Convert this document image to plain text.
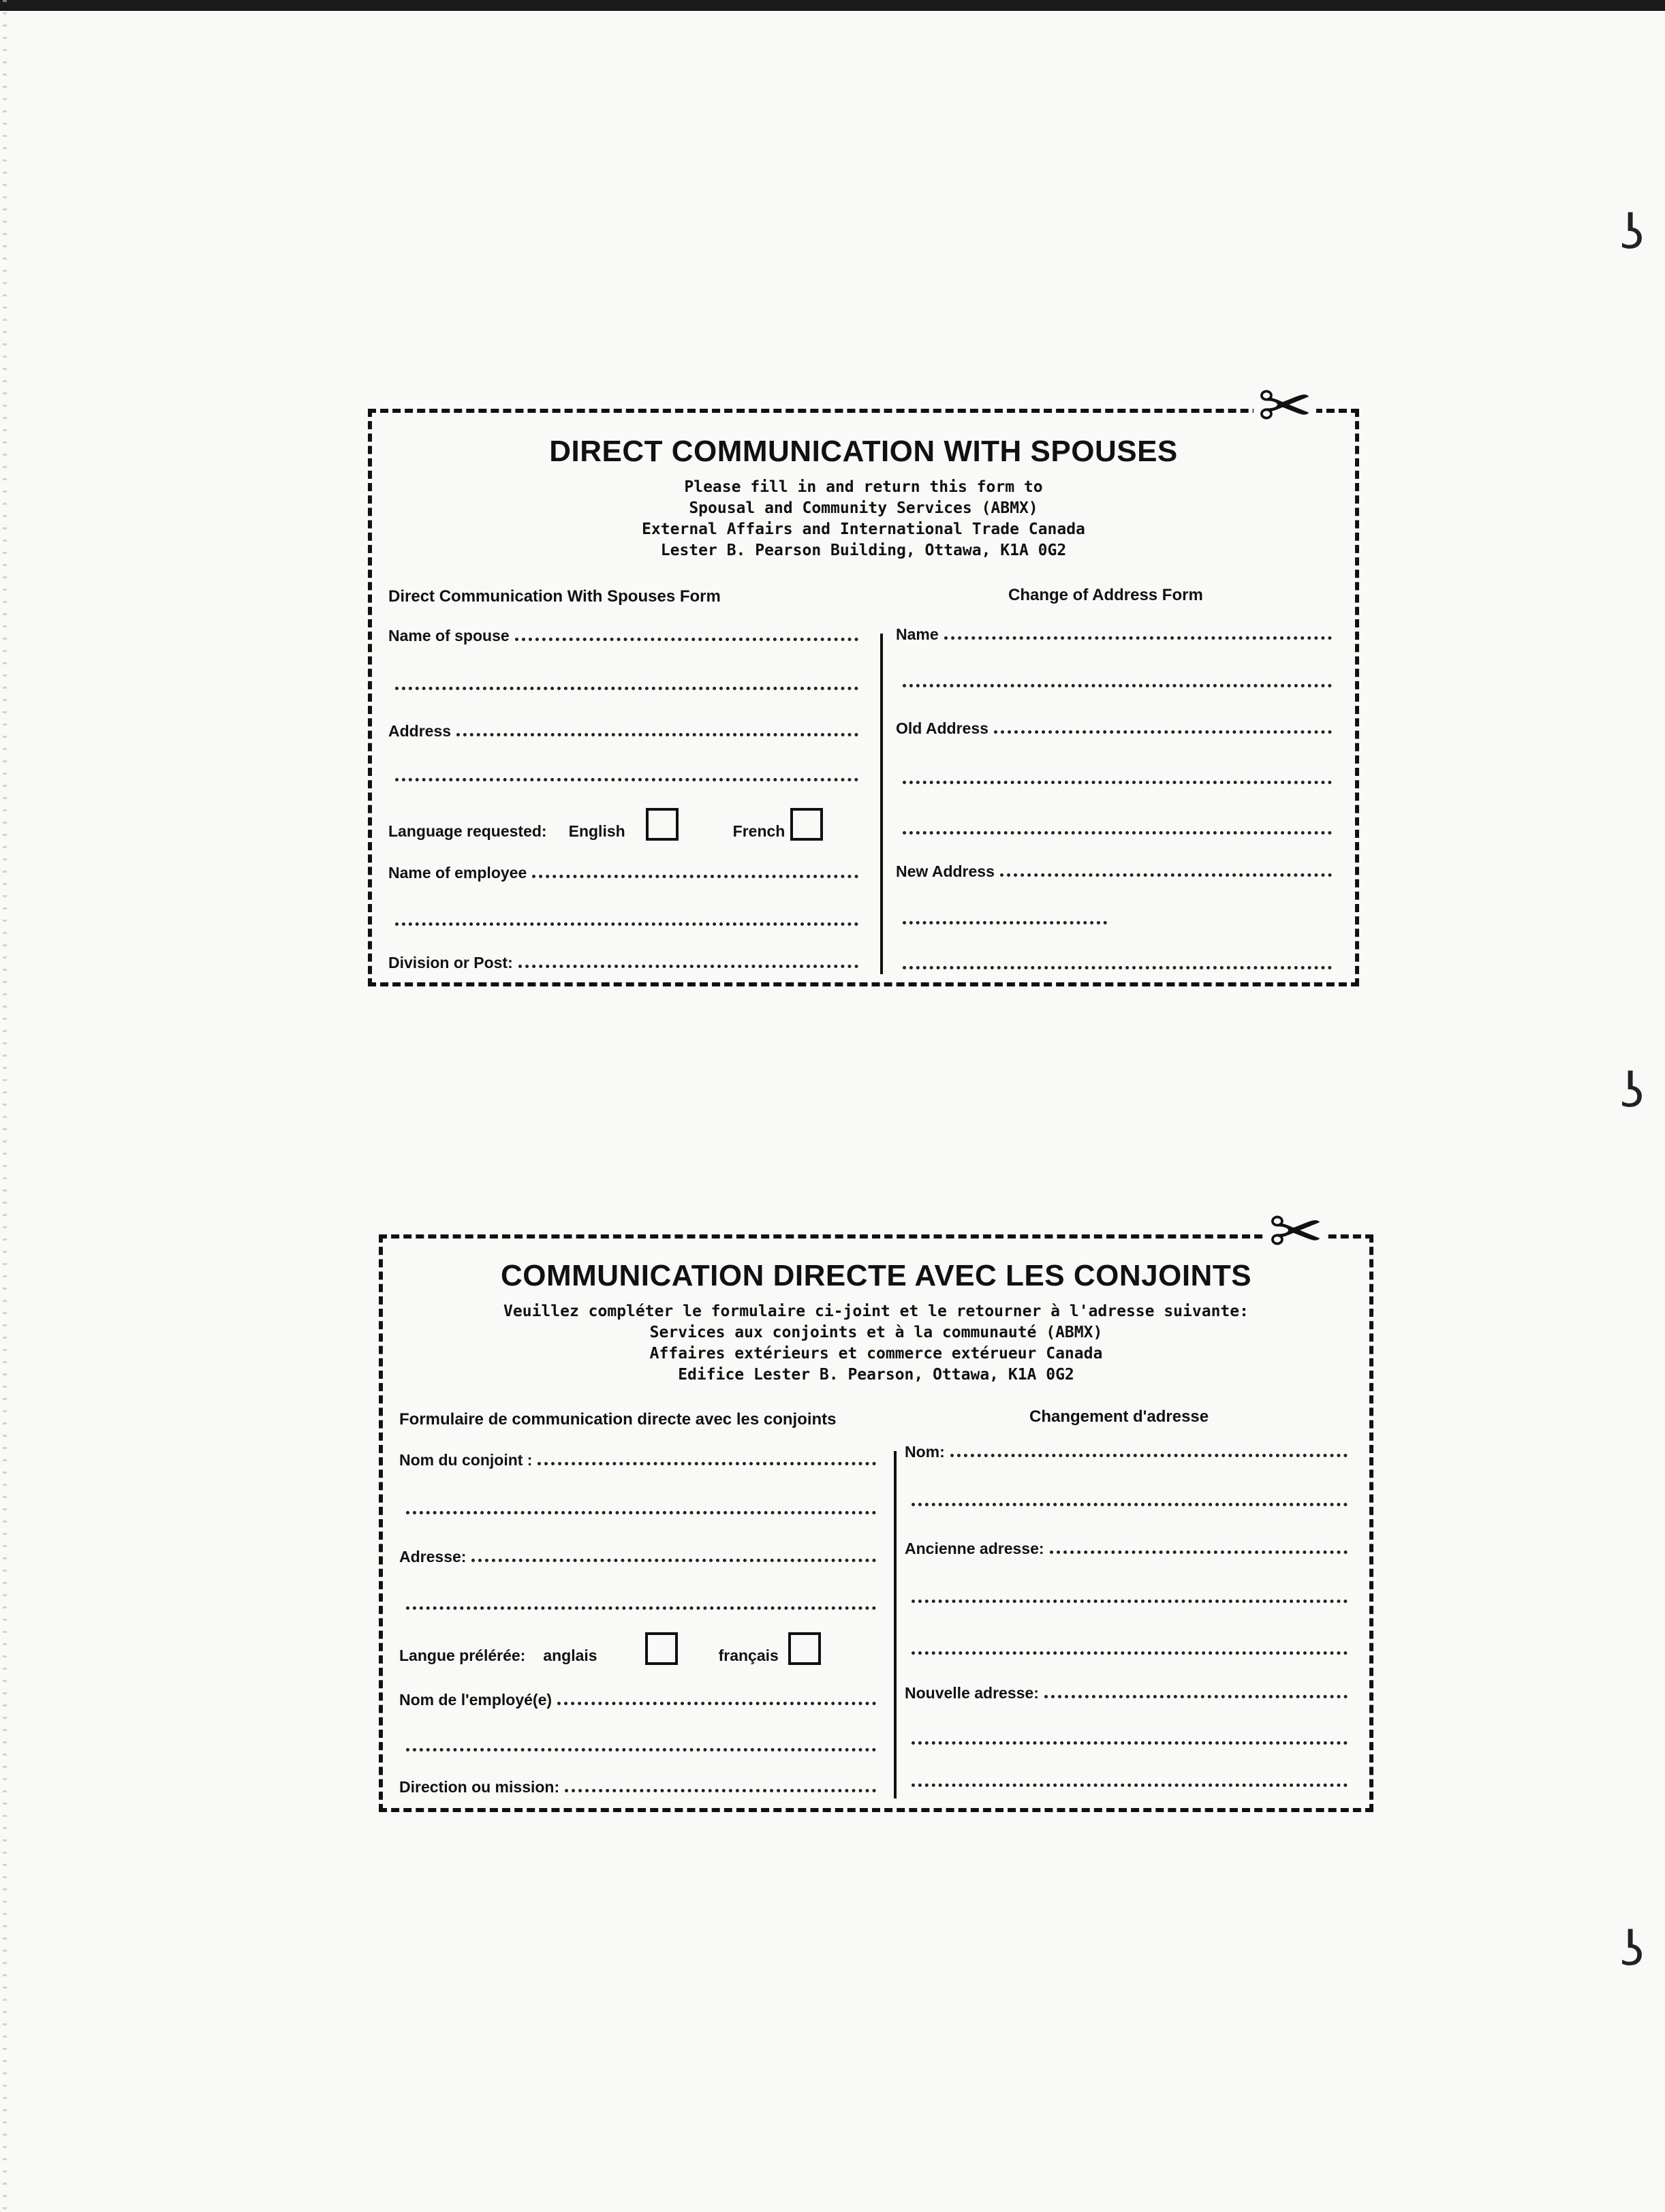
ʖ
ʖ
ʖ
✂
DIRECT COMMUNICATION WITH SPOUSES
Please fill in and return this form to
Spousal and Community Services (ABMX)
External Affairs and International Trade Canada
Lester B. Pearson Building, Ottawa, K1A 0G2
Direct Communication With Spouses Form	Change of Address Form
Name of spouse
Address
Language requested: English	French
Name of employee
Division or Post:
Name
Old Address
New Address
✂
COMMUNICATION DIRECTE AVEC LES CONJOINTS
Veuillez compléter le formulaire ci-joint et le retourner à l'adresse suivante:
Services aux conjoints et à la communauté (ABMX)
Affaires extérieurs et commerce extérueur Canada
Edifice Lester B. Pearson, Ottawa, K1A 0G2
Formulaire de communication directe avec les conjoints	Changement d'adresse
Nom du conjoint :
Adresse:
Langue prélérée: anglais	français
Nom de l'employé(e)
Direction ou mission:
Nom:
Ancienne adresse:
Nouvelle adresse:
